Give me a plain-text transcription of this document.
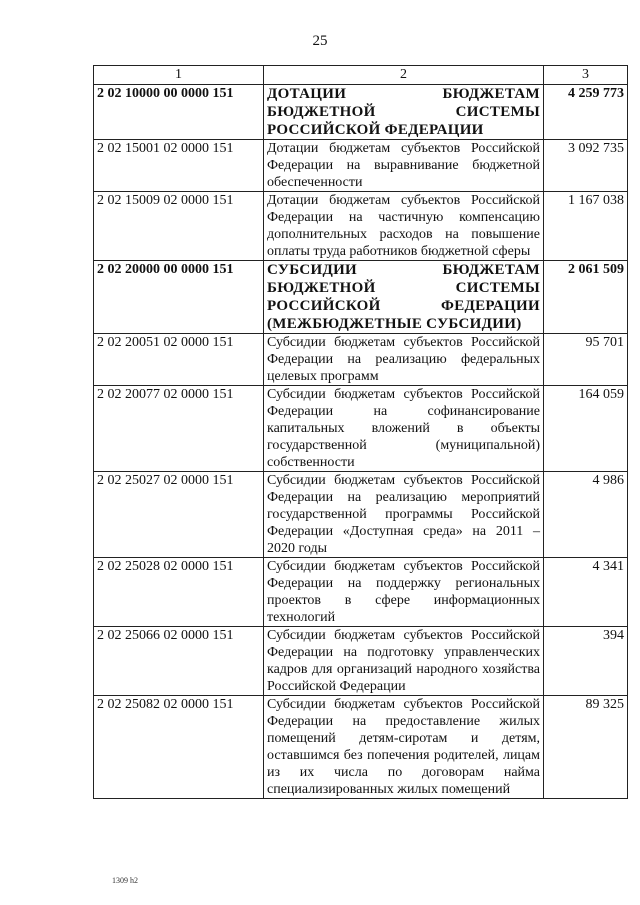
25
1	2	3
2 02 10000 00 0000 151	ДОТАЦИИ БЮДЖЕТАМ БЮДЖЕТНОЙ СИСТЕМЫ РОССИЙСКОЙ ФЕДЕРАЦИИ	4 259 773
2 02 15001 02 0000 151	Дотации бюджетам субъектов Российской Федерации на выравнивание бюджетной обеспеченности	3 092 735
2 02 15009 02 0000 151	Дотации бюджетам субъектов Российской Федерации на частичную компенсацию дополнительных расходов на повышение оплаты труда работников бюджетной сферы	1 167 038
2 02 20000 00 0000 151	СУБСИДИИ БЮДЖЕТАМ БЮДЖЕТНОЙ СИСТЕМЫ РОССИЙСКОЙ ФЕДЕРАЦИИ (МЕЖБЮДЖЕТНЫЕ СУБСИДИИ)	2 061 509
2 02 20051 02 0000 151	Субсидии бюджетам субъектов Российской Федерации на реализацию федеральных целевых программ	95 701
2 02 20077 02 0000 151	Субсидии бюджетам субъектов Российской Федерации на софинансирование капитальных вложений в объекты государственной (муниципальной) собственности	164 059
2 02 25027 02 0000 151	Субсидии бюджетам субъектов Российской Федерации на реализацию мероприятий государственной программы Российской Федерации «Доступная среда» на 2011 – 2020 годы	4 986
2 02 25028 02 0000 151	Субсидии бюджетам субъектов Российской Федерации на поддержку региональных проектов в сфере информационных технологий	4 341
2 02 25066 02 0000 151	Субсидии бюджетам субъектов Российской Федерации на подготовку управленческих кадров для организаций народного хозяйства Российской Федерации	394
2 02 25082 02 0000 151	Субсидии бюджетам субъектов Российской Федерации на предоставление жилых помещений детям-сиротам и детям, оставшимся без попечения родителей, лицам из их числа по договорам найма специализированных жилых помещений	89 325
1309 h2
